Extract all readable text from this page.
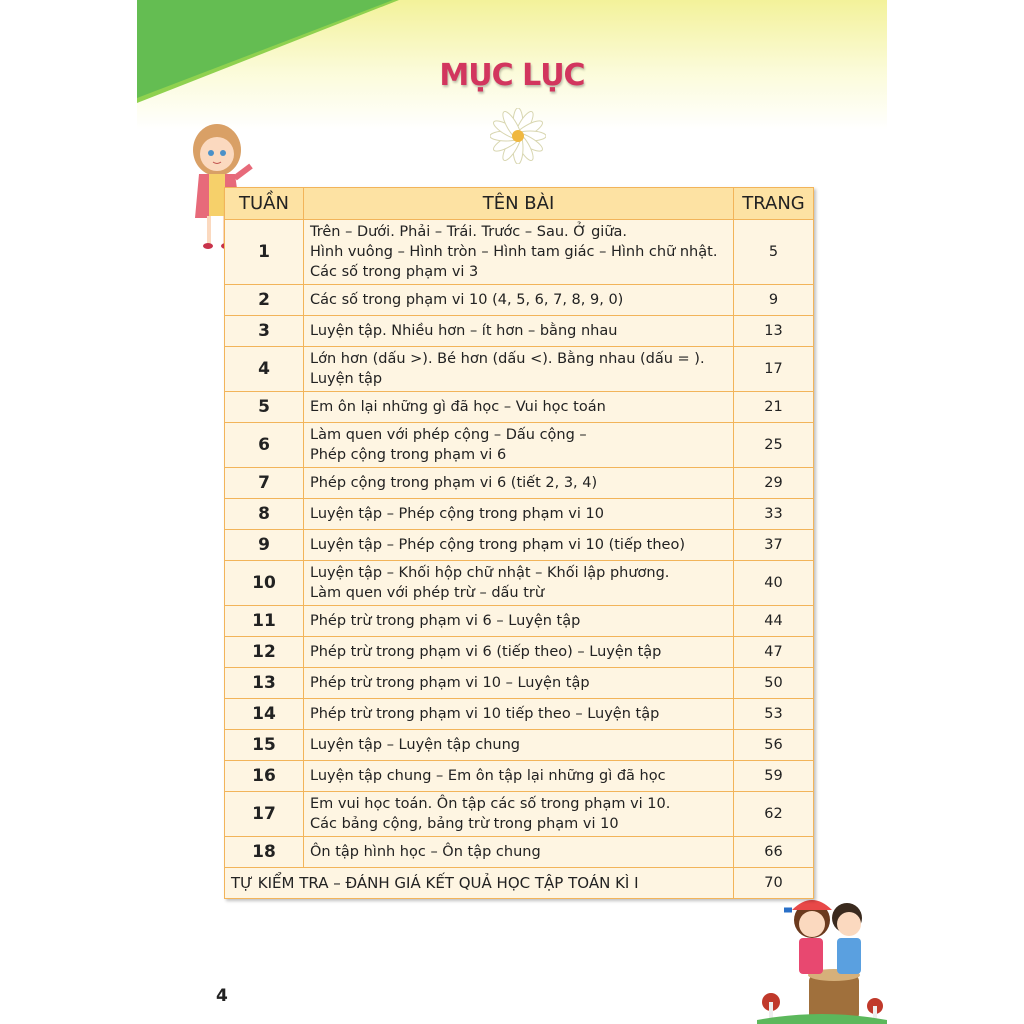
MỤC LỤC
4
TUẦN	TÊN BÀI	TRANG
1	Trên – Dưới. Phải – Trái. Trước – Sau. Ở giữa.
Hình vuông – Hình tròn – Hình tam giác – Hình chữ nhật.
Các số trong phạm vi 3	5
2	Các số trong phạm vi 10 (4, 5, 6, 7, 8, 9, 0)	9
3	Luyện tập. Nhiều hơn – ít hơn – bằng nhau	13
4	Lớn hơn (dấu >). Bé hơn (dấu <). Bằng nhau (dấu = ).
Luyện tập	17
5	Em ôn lại những gì đã học – Vui học toán	21
6	Làm quen với phép cộng – Dấu cộng –
Phép cộng trong phạm vi 6	25
7	Phép cộng trong phạm vi 6 (tiết 2, 3, 4)	29
8	Luyện tập – Phép cộng trong phạm vi 10	33
9	Luyện tập – Phép cộng trong phạm vi 10 (tiếp theo)	37
10	Luyện tập – Khối hộp chữ nhật – Khối lập phương.
Làm quen với phép trừ – dấu trừ	40
11	Phép trừ trong phạm vi 6 – Luyện tập	44
12	Phép trừ trong phạm vi 6 (tiếp theo) – Luyện tập	47
13	Phép trừ trong phạm vi 10 – Luyện tập	50
14	Phép trừ trong phạm vi 10 tiếp theo – Luyện tập	53
15	Luyện tập – Luyện tập chung	56
16	Luyện tập chung – Em ôn tập lại những gì đã học	59
17	Em vui học toán. Ôn tập các số trong phạm vi 10.
Các bảng cộng, bảng trừ trong phạm vi 10	62
18	Ôn tập hình học – Ôn tập chung	66
TỰ KIỂM TRA – ĐÁNH GIÁ KẾT QUẢ HỌC TẬP TOÁN KÌ I		70
